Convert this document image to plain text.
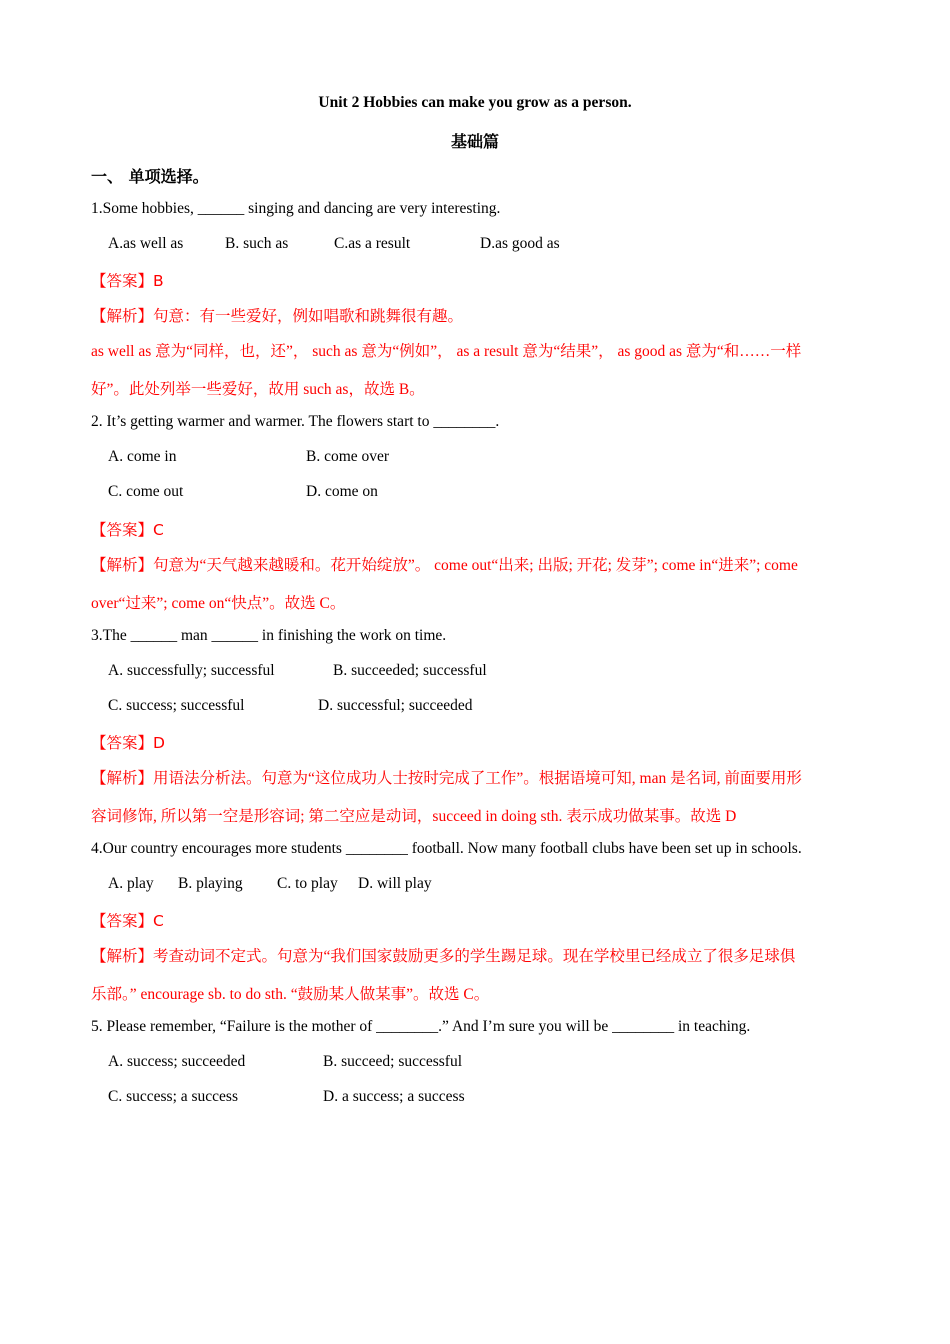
Unit 2 Hobbies can make you grow as a person.
基础篇
一、 单项选择。
1.Some hobbies, ______ singing and dancing are very interesting.
A.as well as	B. such as	C.as a result	D.as good as
【答案】B
【解析】句意：有一些爱好，例如唱歌和跳舞很有趣。
as well as 意为“同样，也，还”， such as 意为“例如”， as a result 意为“结果”， as good as 意为“和……一样
好”。此处列举一些爱好，故用 such as，故选 B。
2. It’s getting warmer and warmer. The flowers start to ________.
A. come in	B. come over
C. come out	D. come on
【答案】C
【解析】句意为“天气越来越暖和。花开始绽放”。 come out“出来; 出版; 开花; 发芽”; come in“进来”; come
over“过来”; come on“快点”。故选 C。
3.The ______ man ______ in finishing the work on time.
A. successfully; successful	B. succeeded; successful
C. success; successful	D. successful; succeeded
【答案】D
【解析】用语法分析法。句意为“这位成功人士按时完成了工作”。根据语境可知, man 是名词, 前面要用形
容词修饰, 所以第一空是形容词; 第二空应是动词，succeed in doing sth. 表示成功做某事。故选 D
4.Our country encourages more students ________ football. Now many football clubs have been set up in schools.
A. play B. playing C. to play D. will play
【答案】C
【解析】考查动词不定式。句意为“我们国家鼓励更多的学生踢足球。现在学校里已经成立了很多足球俱
乐部。” encourage sb. to do sth. “鼓励某人做某事”。故选 C。
5. Please remember, “Failure is the mother of ________.” And I’m sure you will be ________ in teaching.
A. success; succeeded	B. succeed; successful
C. success; a success	D. a success; a success
